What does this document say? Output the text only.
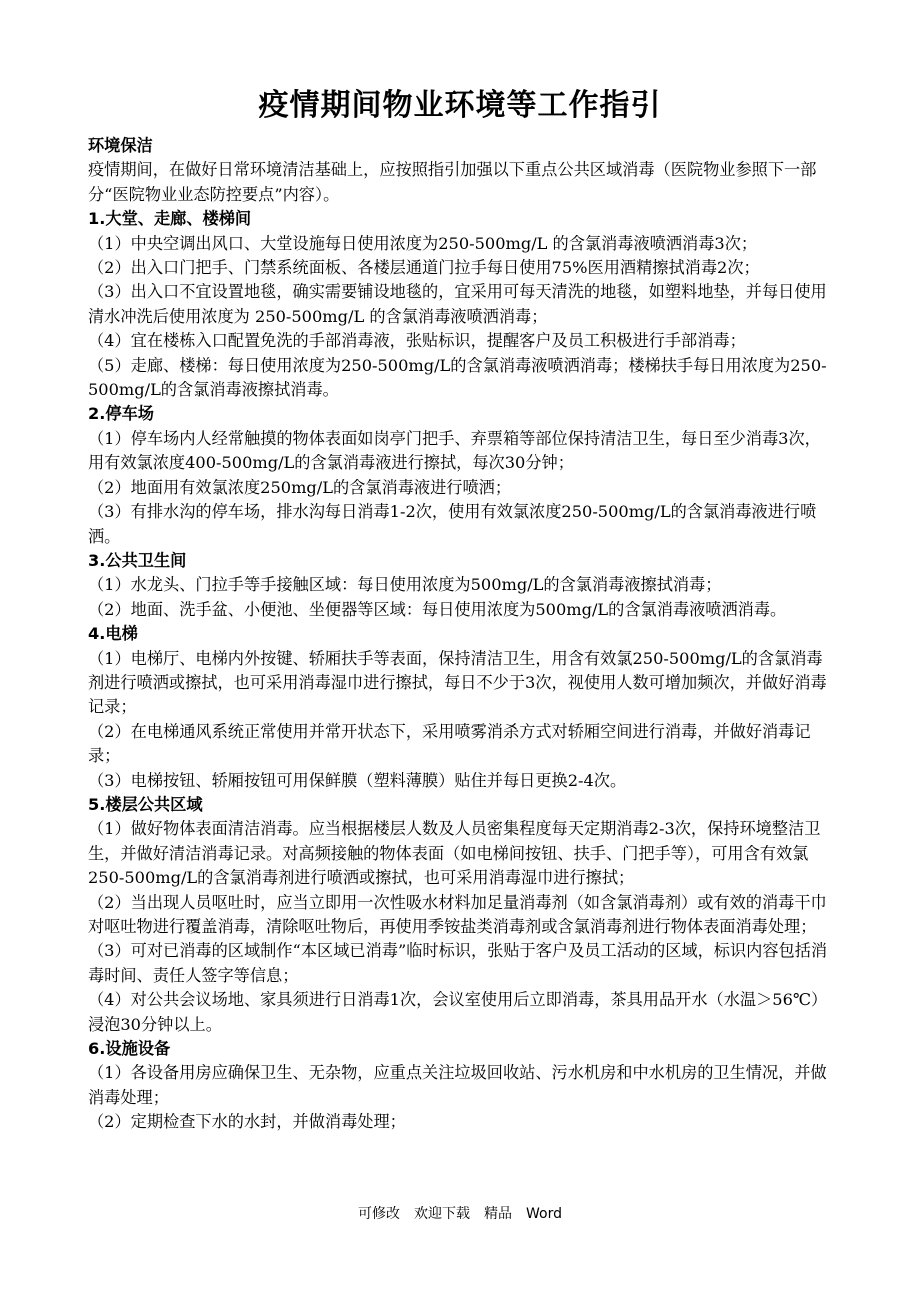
疫情期间物业环境等工作指引

环境保洁

疫情期间，在做好日常环境清洁基础上，应按照指引加强以下重点公共区域消毒（医院物业参照下一部分“医院物业业态防控要点”内容）。

1.大堂、走廊、楼梯间

（1）中央空调出风口、大堂设施每日使用浓度为250-500mg/L 的含氯消毒液喷洒消毒3次；

（2）出入口门把手、门禁系统面板、各楼层通道门拉手每日使用75%医用酒精擦拭消毒2次；

（3）出入口不宜设置地毯，确实需要铺设地毯的，宜采用可每天清洗的地毯，如塑料地垫，并每日使用清水冲洗后使用浓度为 250-500mg/L 的含氯消毒液喷洒消毒；

（4）宜在楼栋入口配置免洗的手部消毒液，张贴标识，提醒客户及员工积极进行手部消毒；

（5）走廊、楼梯：每日使用浓度为250-500mg/L的含氯消毒液喷洒消毒；楼梯扶手每日用浓度为250-500mg/L的含氯消毒液擦拭消毒。

2.停车场

（1）停车场内人经常触摸的物体表面如岗亭门把手、弃票箱等部位保持清洁卫生，每日至少消毒3次，用有效氯浓度400-500mg/L的含氯消毒液进行擦拭，每次30分钟；

（2）地面用有效氯浓度250mg/L的含氯消毒液进行喷洒；

（3）有排水沟的停车场，排水沟每日消毒1-2次，使用有效氯浓度250-500mg/L的含氯消毒液进行喷洒。

3.公共卫生间

（1）水龙头、门拉手等手接触区域：每日使用浓度为500mg/L的含氯消毒液擦拭消毒；

（2）地面、洗手盆、小便池、坐便器等区域：每日使用浓度为500mg/L的含氯消毒液喷洒消毒。

4.电梯

（1）电梯厅、电梯内外按键、轿厢扶手等表面，保持清洁卫生，用含有效氯250-500mg/L的含氯消毒剂进行喷洒或擦拭，也可采用消毒湿巾进行擦拭，每日不少于3次，视使用人数可增加频次，并做好消毒记录；

（2）在电梯通风系统正常使用并常开状态下，采用喷雾消杀方式对轿厢空间进行消毒，并做好消毒记录；

（3）电梯按钮、轿厢按钮可用保鲜膜（塑料薄膜）贴住并每日更换2-4次。

5.楼层公共区域

（1）做好物体表面清洁消毒。应当根据楼层人数及人员密集程度每天定期消毒2-3次，保持环境整洁卫生，并做好清洁消毒记录。对高频接触的物体表面（如电梯间按钮、扶手、门把手等），可用含有效氯250-500mg/L的含氯消毒剂进行喷洒或擦拭，也可采用消毒湿巾进行擦拭；

（2）当出现人员呕吐时，应当立即用一次性吸水材料加足量消毒剂（如含氯消毒剂）或有效的消毒干巾对呕吐物进行覆盖消毒，清除呕吐物后，再使用季铵盐类消毒剂或含氯消毒剂进行物体表面消毒处理；

（3）可对已消毒的区域制作“本区域已消毒”临时标识，张贴于客户及员工活动的区域，标识内容包括消毒时间、责任人签字等信息；

（4）对公共会议场地、家具须进行日消毒1次，会议室使用后立即消毒，茶具用品开水（水温＞56℃）浸泡30分钟以上。

6.设施设备

（1）各设备用房应确保卫生、无杂物，应重点关注垃圾回收站、污水机房和中水机房的卫生情况，并做消毒处理；

（2）定期检查下水的水封，并做消毒处理；

可修改　欢迎下载　精品　Word
